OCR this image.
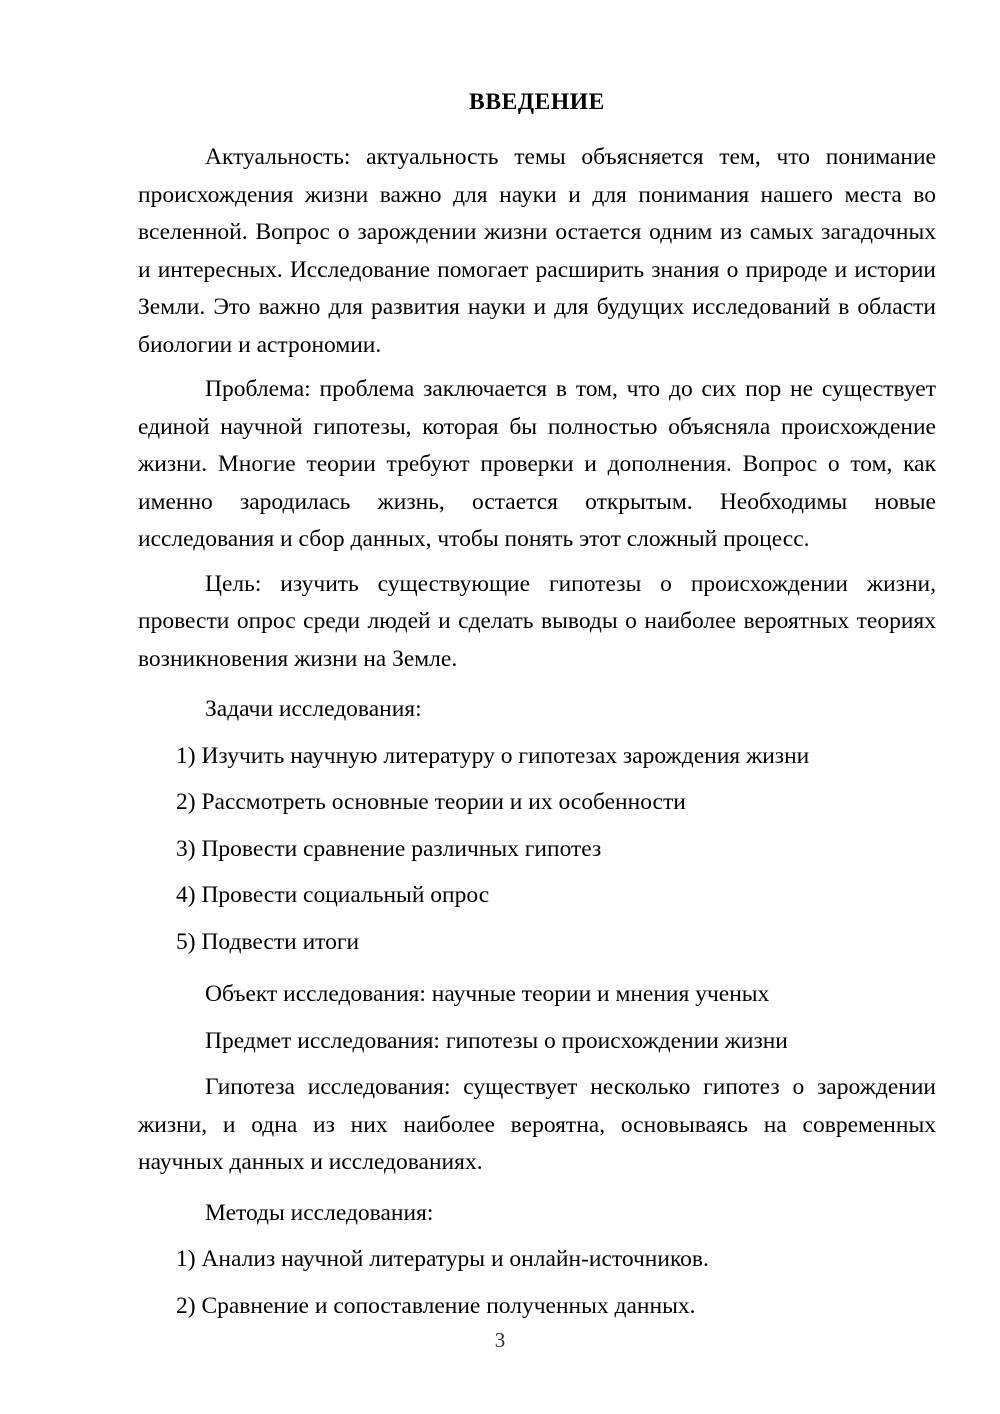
ВВЕДЕНИЕ

Актуальность: актуальность темы объясняется тем, что понимание происхождения жизни важно для науки и для понимания нашего места во вселенной. Вопрос о зарождении жизни остается одним из самых загадочных и интересных. Исследование помогает расширить знания о природе и истории Земли. Это важно для развития науки и для будущих исследований в области биологии и астрономии.

Проблема: проблема заключается в том, что до сих пор не существует единой научной гипотезы, которая бы полностью объясняла происхождение жизни. Многие теории требуют проверки и дополнения. Вопрос о том, как именно зародилась жизнь, остается открытым. Необходимы новые исследования и сбор данных, чтобы понять этот сложный процесс.

Цель: изучить существующие гипотезы о происхождении жизни, провести опрос среди людей и сделать выводы о наиболее вероятных теориях возникновения жизни на Земле.

Задачи исследования:

1) Изучить научную литературу о гипотезах зарождения жизни
2) Рассмотреть основные теории и их особенности
3) Провести сравнение различных гипотез
4) Провести социальный опрос
5) Подвести итоги

Объект исследования: научные теории и мнения ученых

Предмет исследования: гипотезы о происхождении жизни

Гипотеза исследования: существует несколько гипотез о зарождении жизни, и одна из них наиболее вероятна, основываясь на современных научных данных и исследованиях.

Методы исследования:

1) Анализ научной литературы и онлайн-источников.
2) Сравнение и сопоставление полученных данных.
3
